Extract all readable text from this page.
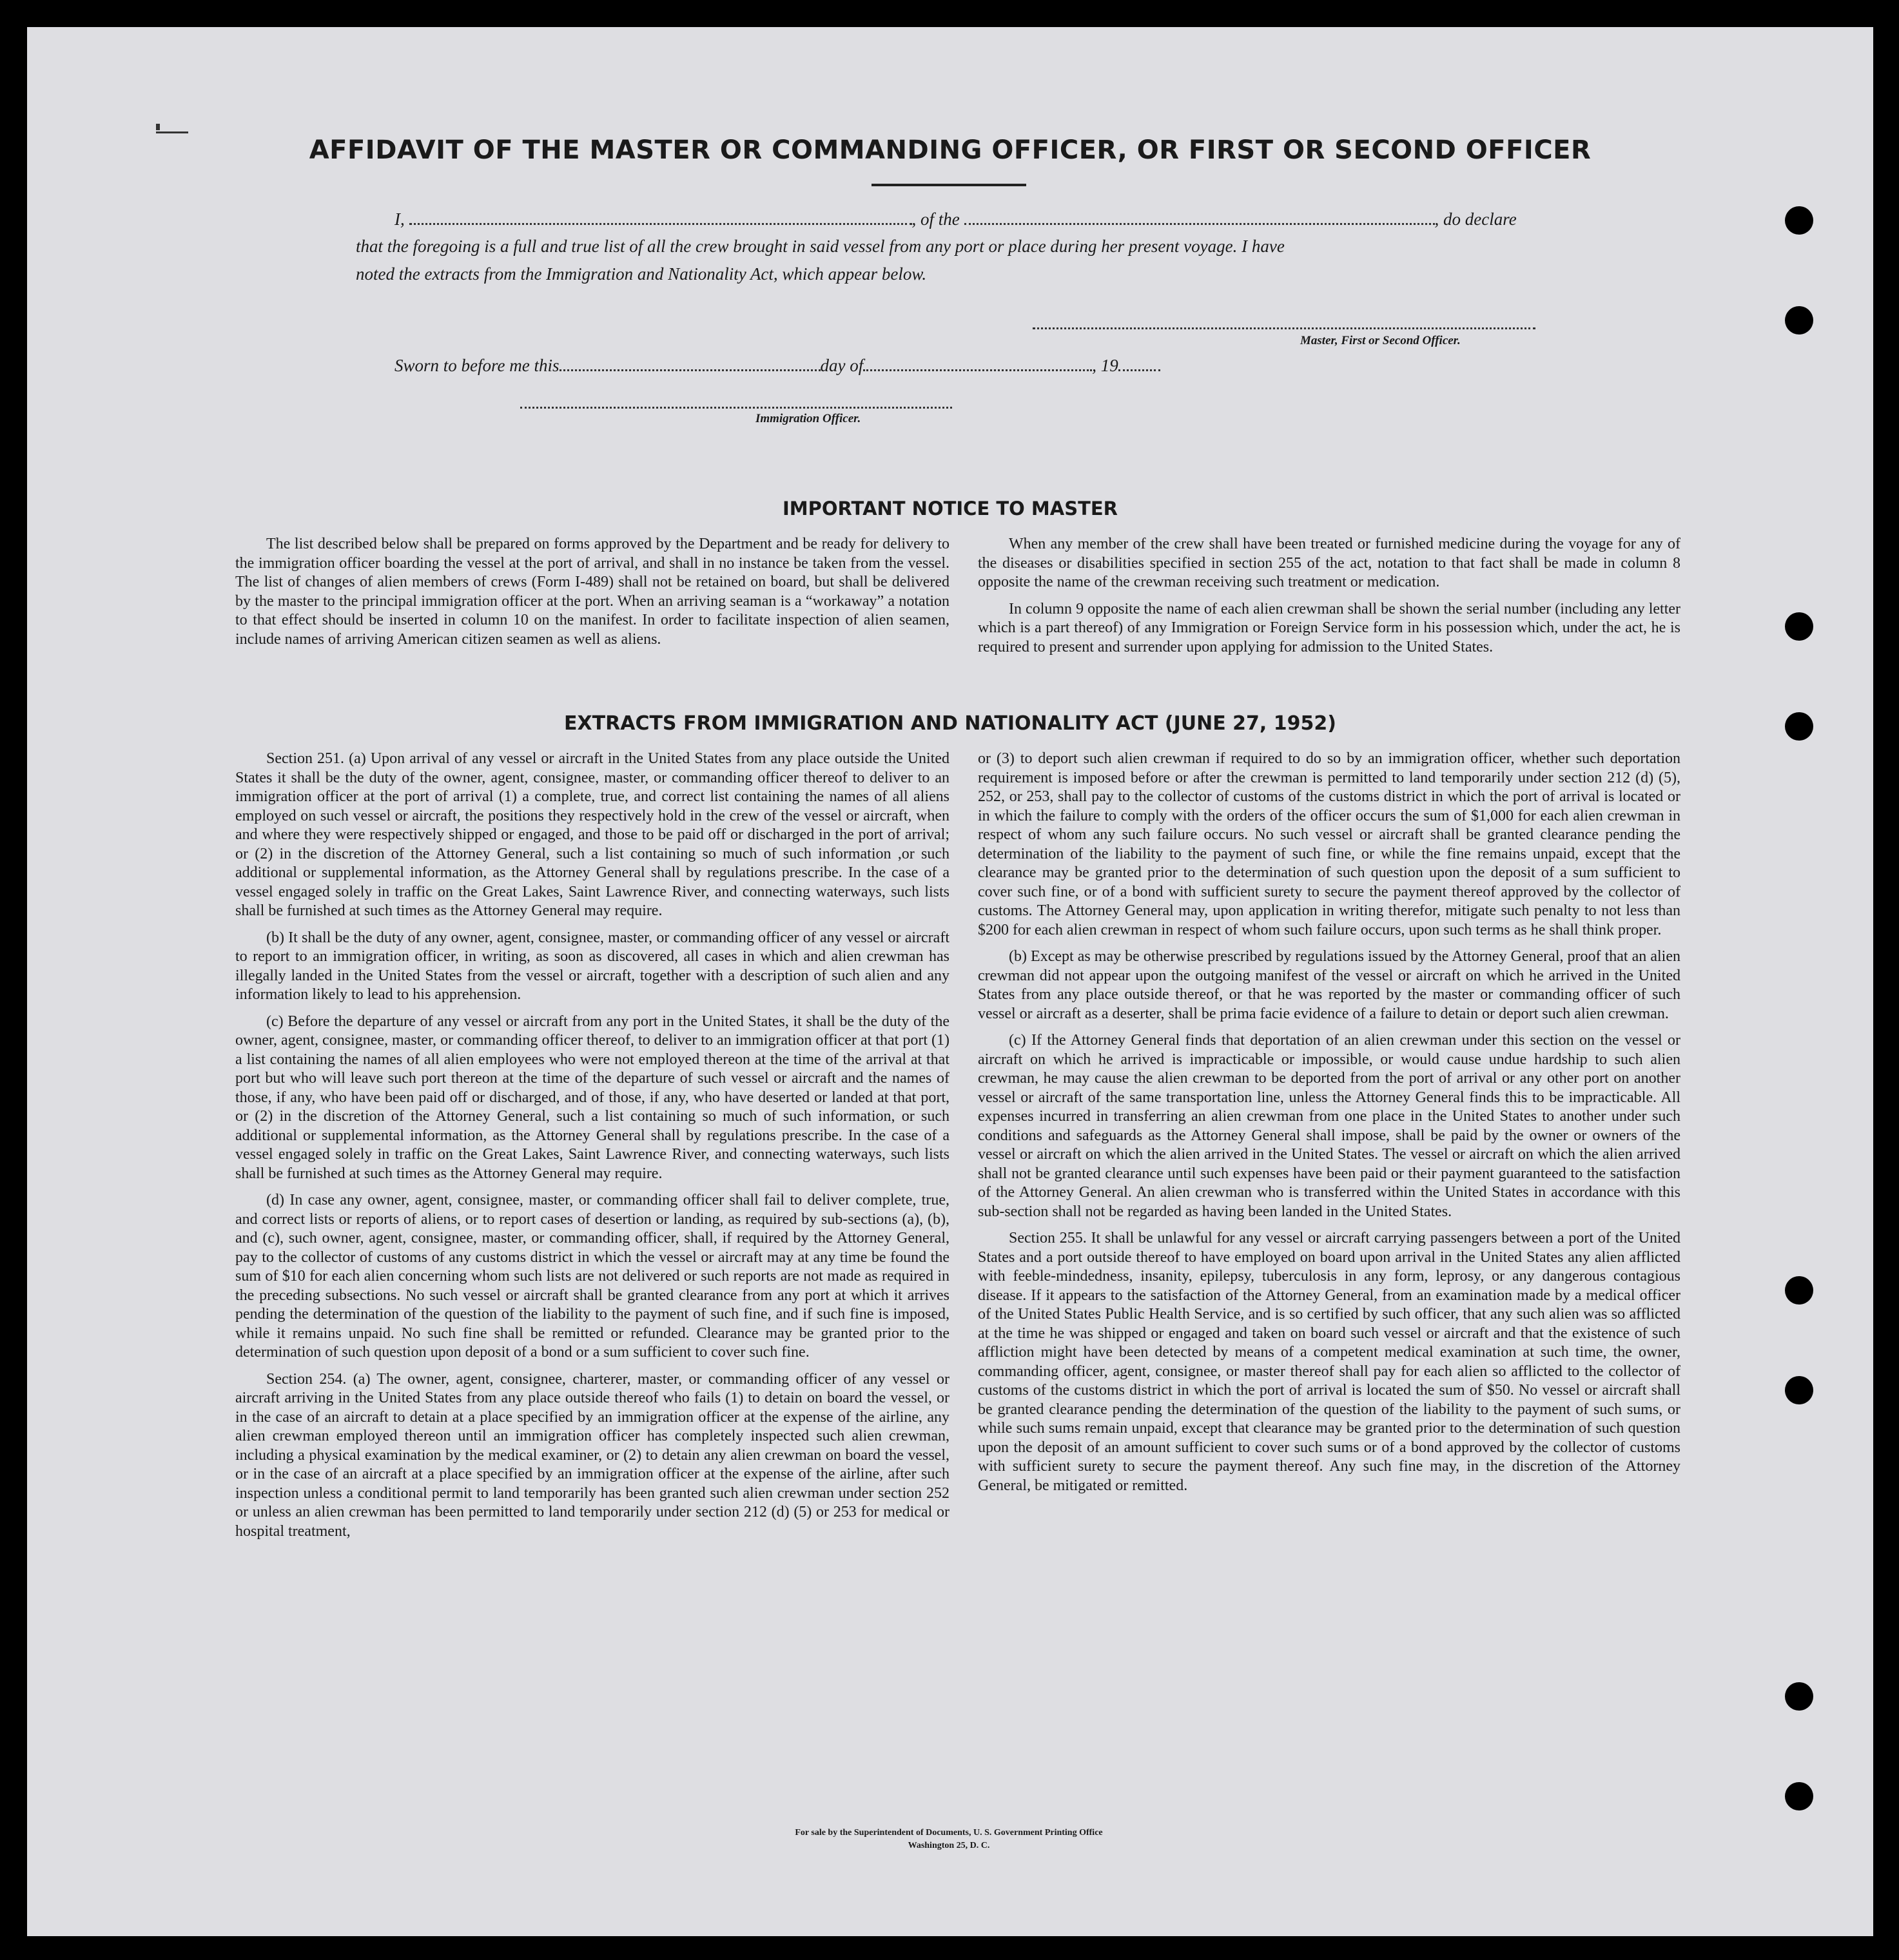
AFFIDAVIT OF THE MASTER OR COMMANDING OFFICER, OR FIRST OR SECOND OFFICER
I,	, of the	, do declare
that the foregoing is a full and true list of all the crew brought in said vessel from any port or place during her present voyage. I have
noted the extracts from the Immigration and Nationality Act, which appear below.
Master, First or Second Officer.
Sworn to before me this	day of	, 19
Immigration Officer.
IMPORTANT NOTICE TO MASTER

The list described below shall be prepared on forms approved by the Department and be ready for delivery to the immigration officer boarding the vessel at the port of arrival, and shall in no instance be taken from the vessel. The list of changes of alien members of crews (Form I-489) shall not be retained on board, but shall be delivered by the master to the principal immigration officer at the port. When an arriving seaman is a “workaway” a notation to that effect should be inserted in column 10 on the manifest. In order to facilitate inspection of alien seamen, include names of arriving American citizen seamen as well as aliens.

When any member of the crew shall have been treated or furnished medicine during the voyage for any of the diseases or disabilities specified in section 255 of the act, notation to that fact shall be made in column 8 opposite the name of the crewman receiving such treatment or medication.

In column 9 opposite the name of each alien crewman shall be shown the serial number (including any letter which is a part thereof) of any Immigration or Foreign Service form in his possession which, under the act, he is required to present and surrender upon applying for admission to the United States.

EXTRACTS FROM IMMIGRATION AND NATIONALITY ACT (JUNE 27, 1952)

Section 251. (a) Upon arrival of any vessel or aircraft in the United States from any place outside the United States it shall be the duty of the owner, agent, consignee, master, or commanding officer thereof to deliver to an immigration officer at the port of arrival (1) a complete, true, and correct list containing the names of all aliens employed on such vessel or aircraft, the positions they respectively hold in the crew of the vessel or aircraft, when and where they were respectively shipped or engaged, and those to be paid off or discharged in the port of arrival; or (2) in the discretion of the Attorney General, such a list containing so much of such information ,or such additional or supplemental information, as the Attorney General shall by regulations prescribe. In the case of a vessel engaged solely in traffic on the Great Lakes, Saint Lawrence River, and connecting waterways, such lists shall be furnished at such times as the Attorney General may require.

(b) It shall be the duty of any owner, agent, consignee, master, or commanding officer of any vessel or aircraft to report to an immigration officer, in writing, as soon as discovered, all cases in which and alien crewman has illegally landed in the United States from the vessel or aircraft, together with a description of such alien and any information likely to lead to his apprehension.

(c) Before the departure of any vessel or aircraft from any port in the United States, it shall be the duty of the owner, agent, consignee, master, or commanding officer thereof, to deliver to an immigration officer at that port (1) a list containing the names of all alien employees who were not employed thereon at the time of the arrival at that port but who will leave such port thereon at the time of the departure of such vessel or aircraft and the names of those, if any, who have been paid off or discharged, and of those, if any, who have deserted or landed at that port, or (2) in the discretion of the Attorney General, such a list containing so much of such information, or such additional or supplemental information, as the Attorney General shall by regulations prescribe. In the case of a vessel engaged solely in traffic on the Great Lakes, Saint Lawrence River, and connecting waterways, such lists shall be furnished at such times as the Attorney General may require.

(d) In case any owner, agent, consignee, master, or commanding officer shall fail to deliver complete, true, and correct lists or reports of aliens, or to report cases of desertion or landing, as required by sub-sections (a), (b), and (c), such owner, agent, consignee, master, or commanding officer, shall, if required by the Attorney General, pay to the collector of customs of any customs district in which the vessel or aircraft may at any time be found the sum of $10 for each alien concerning whom such lists are not delivered or such reports are not made as required in the preceding subsections. No such vessel or aircraft shall be granted clearance from any port at which it arrives pending the determination of the question of the liability to the payment of such fine, and if such fine is imposed, while it remains unpaid. No such fine shall be remitted or refunded. Clearance may be granted prior to the determination of such question upon deposit of a bond or a sum sufficient to cover such fine.

Section 254. (a) The owner, agent, consignee, charterer, master, or commanding officer of any vessel or aircraft arriving in the United States from any place outside thereof who fails (1) to detain on board the vessel, or in the case of an aircraft to detain at a place specified by an immigration officer at the expense of the airline, any alien crewman employed thereon until an immigration officer has completely inspected such alien crewman, including a physical examination by the medical examiner, or (2) to detain any alien crewman on board the vessel, or in the case of an aircraft at a place specified by an immigration officer at the expense of the airline, after such inspection unless a conditional permit to land temporarily has been granted such alien crewman under section 252 or unless an alien crewman has been permitted to land temporarily under section 212 (d) (5) or 253 for medical or hospital treatment,

or (3) to deport such alien crewman if required to do so by an immigration officer, whether such deportation requirement is imposed before or after the crewman is permitted to land temporarily under section 212 (d) (5), 252, or 253, shall pay to the collector of customs of the customs district in which the port of arrival is located or in which the failure to comply with the orders of the officer occurs the sum of $1,000 for each alien crewman in respect of whom any such failure occurs. No such vessel or aircraft shall be granted clearance pending the determination of the liability to the payment of such fine, or while the fine remains unpaid, except that the clearance may be granted prior to the determination of such question upon the deposit of a sum sufficient to cover such fine, or of a bond with sufficient surety to secure the payment thereof approved by the collector of customs. The Attorney General may, upon application in writing therefor, mitigate such penalty to not less than $200 for each alien crewman in respect of whom such failure occurs, upon such terms as he shall think proper.

(b) Except as may be otherwise prescribed by regulations issued by the Attorney General, proof that an alien crewman did not appear upon the outgoing manifest of the vessel or aircraft on which he arrived in the United States from any place outside thereof, or that he was reported by the master or commanding officer of such vessel or aircraft as a deserter, shall be prima facie evidence of a failure to detain or deport such alien crewman.

(c) If the Attorney General finds that deportation of an alien crewman under this section on the vessel or aircraft on which he arrived is impracticable or impossible, or would cause undue hardship to such alien crewman, he may cause the alien crewman to be deported from the port of arrival or any other port on another vessel or aircraft of the same transportation line, unless the Attorney General finds this to be impracticable. All expenses incurred in transferring an alien crewman from one place in the United States to another under such conditions and safeguards as the Attorney General shall impose, shall be paid by the owner or owners of the vessel or aircraft on which the alien arrived in the United States. The vessel or aircraft on which the alien arrived shall not be granted clearance until such expenses have been paid or their payment guaranteed to the satisfaction of the Attorney General. An alien crewman who is transferred within the United States in accordance with this sub-section shall not be regarded as having been landed in the United States.

Section 255. It shall be unlawful for any vessel or aircraft carrying passengers between a port of the United States and a port outside thereof to have employed on board upon arrival in the United States any alien afflicted with feeble-mindedness, insanity, epilepsy, tuberculosis in any form, leprosy, or any dangerous contagious disease. If it appears to the satisfaction of the Attorney General, from an examination made by a medical officer of the United States Public Health Service, and is so certified by such officer, that any such alien was so afflicted at the time he was shipped or engaged and taken on board such vessel or aircraft and that the existence of such affliction might have been detected by means of a competent medical examination at such time, the owner, commanding officer, agent, consignee, or master thereof shall pay for each alien so afflicted to the collector of customs of the customs district in which the port of arrival is located the sum of $50. No vessel or aircraft shall be granted clearance pending the determination of the question of the liability to the payment of such sums, or while such sums remain unpaid, except that clearance may be granted prior to the determination of such question upon the deposit of an amount sufficient to cover such sums or of a bond approved by the collector of customs with sufficient surety to secure the payment thereof. Any such fine may, in the discretion of the Attorney General, be mitigated or remitted.

For sale by the Superintendent of Documents, U. S. Government Printing Office
Washington 25, D. C.
